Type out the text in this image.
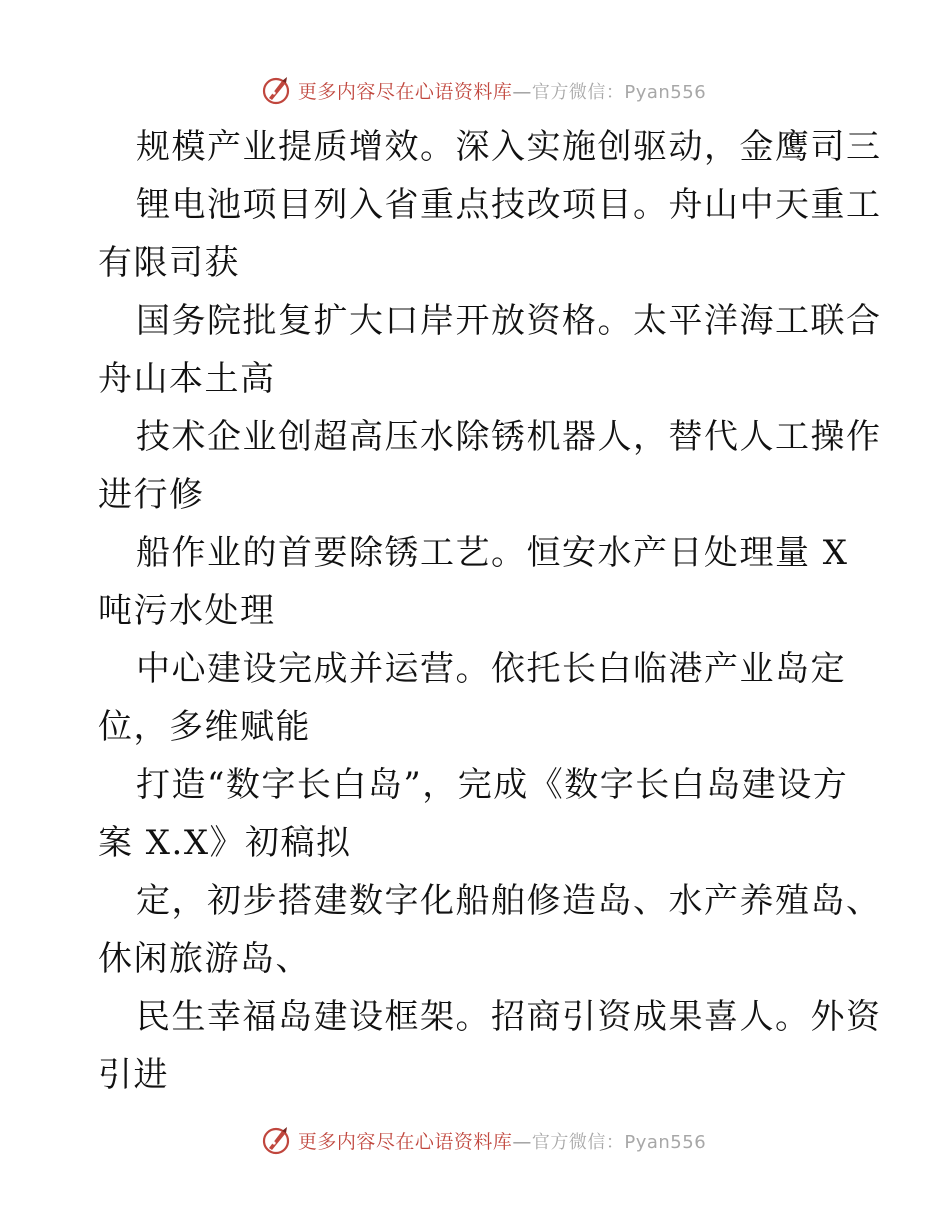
更多内容尽在心语资料库—官方微信：Pyan556
规模产业提质增效。深入实施创驱动，金鹰司三
锂电池项目列入省重点技改项目。舟山中天重工
有限司获
国务院批复扩大口岸开放资格。太平洋海工联合
舟山本土高
技术企业创超高压水除锈机器人，替代人工操作
进行修
船作业的首要除锈工艺。恒安水产日处理量 X
吨污水处理
中心建设完成并运营。依托长白临港产业岛定
位，多维赋能
打造“数字长白岛”，完成《数字长白岛建设方
案 X.X》初稿拟
定，初步搭建数字化船舶修造岛、水产养殖岛、
休闲旅游岛、
民生幸福岛建设框架。招商引资成果喜人。外资
引进
更多内容尽在心语资料库—官方微信：Pyan556
